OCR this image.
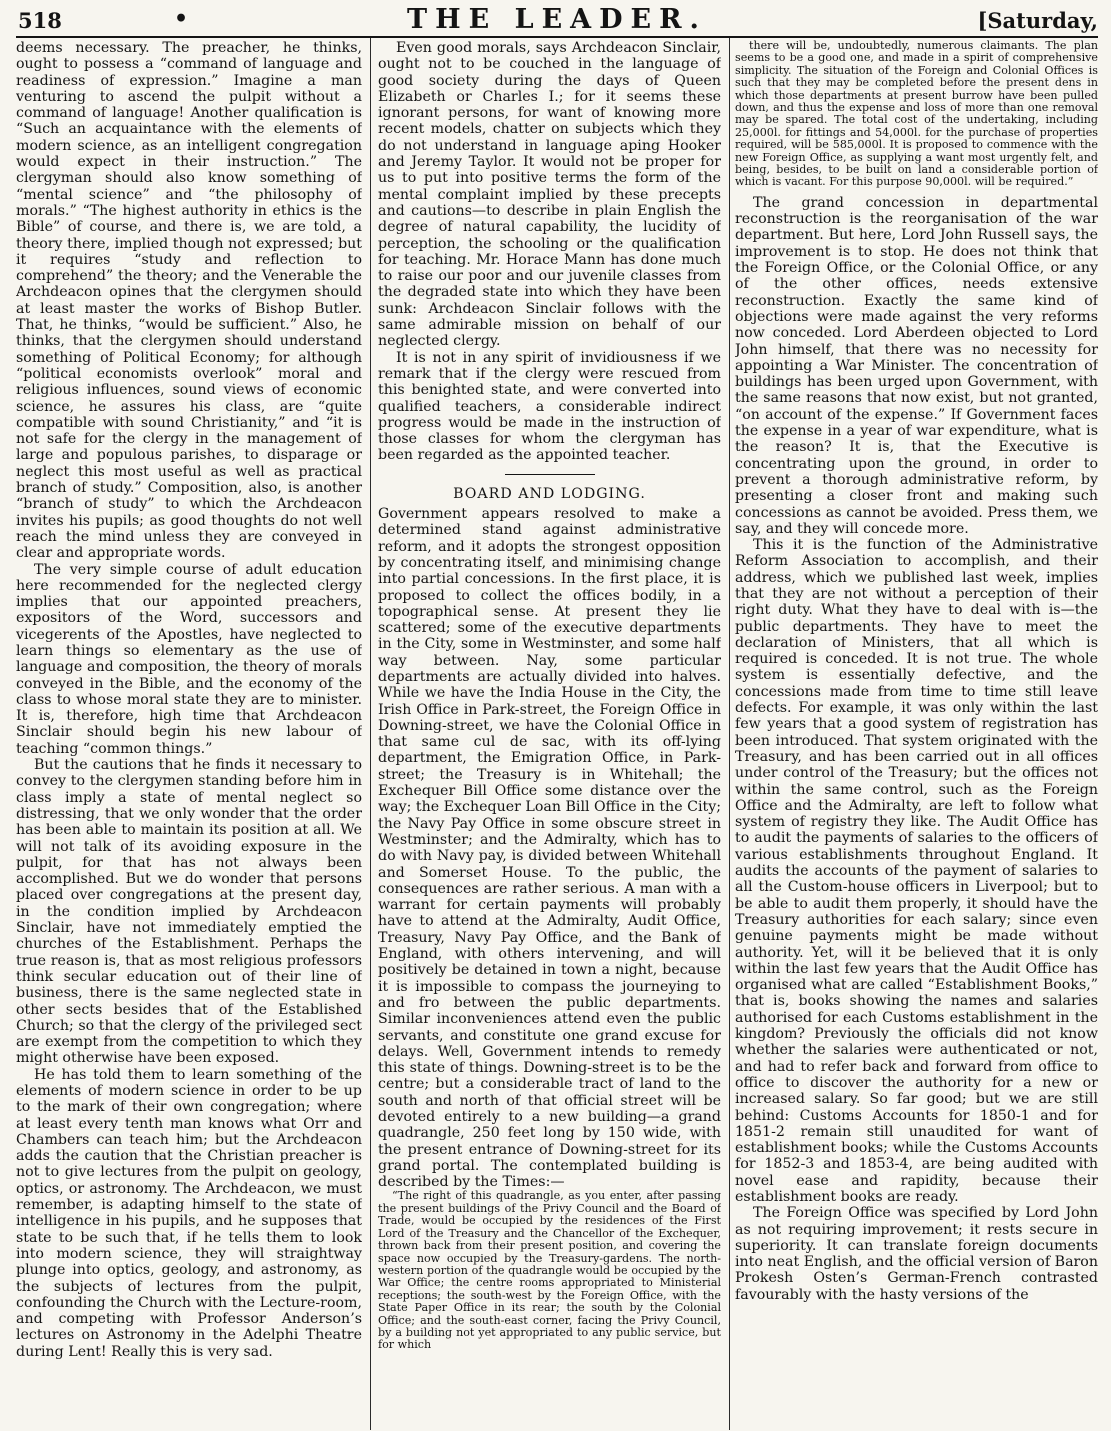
518	•	THE LEADER.	[Saturday,

deems necessary. The preacher, he thinks, ought to possess a “command of language and readiness of expression.” Imagine a man venturing to ascend the pulpit without a command of language! Another qualification is “Such an acquaintance with the elements of modern science, as an intelligent congregation would expect in their instruction.” The clergyman should also know something of “mental science” and “the philosophy of morals.” “The highest authority in ethics is the Bible” of course, and there is, we are told, a theory there, implied though not expressed; but it requires “study and reflection to comprehend” the theory; and the Venerable the Archdeacon opines that the clergymen should at least master the works of Bishop Butler. That, he thinks, “would be sufficient.” Also, he thinks, that the clergymen should understand something of Political Economy; for although “political economists overlook” moral and religious influences, sound views of economic science, he assures his class, are “quite compatible with sound Christianity,” and “it is not safe for the clergy in the management of large and populous parishes, to disparage or neglect this most useful as well as practical branch of study.” Composition, also, is another “branch of study” to which the Archdeacon invites his pupils; as good thoughts do not well reach the mind unless they are conveyed in clear and appropriate words.

The very simple course of adult education here recommended for the neglected clergy implies that our appointed preachers, expositors of the Word, successors and vicegerents of the Apostles, have neglected to learn things so elementary as the use of language and composition, the theory of morals conveyed in the Bible, and the economy of the class to whose moral state they are to minister. It is, therefore, high time that Archdeacon Sinclair should begin his new labour of teaching “common things.”

But the cautions that he finds it necessary to convey to the clergymen standing before him in class imply a state of mental neglect so distressing, that we only wonder that the order has been able to maintain its position at all. We will not talk of its avoiding exposure in the pulpit, for that has not always been accomplished. But we do wonder that persons placed over congregations at the present day, in the condition implied by Archdeacon Sinclair, have not immediately emptied the churches of the Establishment. Perhaps the true reason is, that as most religious professors think secular education out of their line of business, there is the same neglected state in other sects besides that of the Established Church; so that the clergy of the privileged sect are exempt from the competition to which they might otherwise have been exposed.

He has told them to learn something of the elements of modern science in order to be up to the mark of their own congregation; where at least every tenth man knows what Orr and Chambers can teach him; but the Archdeacon adds the caution that the Christian preacher is not to give lectures from the pulpit on geology, optics, or astronomy. The Archdeacon, we must remember, is adapting himself to the state of intelligence in his pupils, and he supposes that state to be such that, if he tells them to look into modern science, they will straightway plunge into optics, geology, and astronomy, as the subjects of lectures from the pulpit, confounding the Church with the Lecture-room, and competing with Professor Anderson’s lectures on Astronomy in the Adelphi Theatre during Lent! Really this is very sad.

Even good morals, says Archdeacon Sinclair, ought not to be couched in the language of good society during the days of Queen Elizabeth or Charles I.; for it seems these ignorant persons, for want of knowing more recent models, chatter on subjects which they do not understand in language aping Hooker and Jeremy Taylor. It would not be proper for us to put into positive terms the form of the mental complaint implied by these precepts and cautions—to describe in plain English the degree of natural capability, the lucidity of perception, the schooling or the qualification for teaching. Mr. Horace Mann has done much to raise our poor and our juvenile classes from the degraded state into which they have been sunk: Archdeacon Sinclair follows with the same admirable mission on behalf of our neglected clergy.

It is not in any spirit of invidiousness if we remark that if the clergy were rescued from this benighted state, and were converted into qualified teachers, a considerable indirect progress would be made in the instruction of those classes for whom the clergyman has been regarded as the appointed teacher.

BOARD AND LODGING.

Government appears resolved to make a determined stand against administrative reform, and it adopts the strongest opposition by concentrating itself, and minimising change into partial concessions. In the first place, it is proposed to collect the offices bodily, in a topographical sense. At present they lie scattered; some of the executive departments in the City, some in Westminster, and some half way between. Nay, some particular departments are actually divided into halves. While we have the India House in the City, the Irish Office in Park-street, the Foreign Office in Downing-street, we have the Colonial Office in that same cul de sac, with its off-lying department, the Emigration Office, in Park-street; the Treasury is in Whitehall; the Exchequer Bill Office some distance over the way; the Exchequer Loan Bill Office in the City; the Navy Pay Office in some obscure street in Westminster; and the Admiralty, which has to do with Navy pay, is divided between Whitehall and Somerset House. To the public, the consequences are rather serious. A man with a warrant for certain payments will probably have to attend at the Admiralty, Audit Office, Treasury, Navy Pay Office, and the Bank of England, with others intervening, and will positively be detained in town a night, because it is impossible to compass the journeying to and fro between the public departments. Similar inconveniences attend even the public servants, and constitute one grand excuse for delays. Well, Government intends to remedy this state of things. Downing-street is to be the centre; but a considerable tract of land to the south and north of that official street will be devoted entirely to a new building—a grand quadrangle, 250 feet long by 150 wide, with the present entrance of Downing-street for its grand portal. The contemplated building is described by the Times:—

“The right of this quadrangle, as you enter, after passing the present buildings of the Privy Council and the Board of Trade, would be occupied by the residences of the First Lord of the Treasury and the Chancellor of the Exchequer, thrown back from their present position, and covering the space now occupied by the Treasury-gardens. The north-western portion of the quadrangle would be occupied by the War Office; the centre rooms appropriated to Ministerial receptions; the south-west by the Foreign Office, with the State Paper Office in its rear; the south by the Colonial Office; and the south-east corner, facing the Privy Council, by a building not yet appropriated to any public service, but for which

there will be, undoubtedly, numerous claimants. The plan seems to be a good one, and made in a spirit of comprehensive simplicity. The situation of the Foreign and Colonial Offices is such that they may be completed before the present dens in which those departments at present burrow have been pulled down, and thus the expense and loss of more than one removal may be spared. The total cost of the undertaking, including 25,000l. for fittings and 54,000l. for the purchase of properties required, will be 585,000l. It is proposed to commence with the new Foreign Office, as supplying a want most urgently felt, and being, besides, to be built on land a considerable portion of which is vacant. For this purpose 90,000l. will be required.”

The grand concession in departmental reconstruction is the reorganisation of the war department. But here, Lord John Russell says, the improvement is to stop. He does not think that the Foreign Office, or the Colonial Office, or any of the other offices, needs extensive reconstruction. Exactly the same kind of objections were made against the very reforms now conceded. Lord Aberdeen objected to Lord John himself, that there was no necessity for appointing a War Minister. The concentration of buildings has been urged upon Government, with the same reasons that now exist, but not granted, “on account of the expense.” If Government faces the expense in a year of war expenditure, what is the reason? It is, that the Executive is concentrating upon the ground, in order to prevent a thorough administrative reform, by presenting a closer front and making such concessions as cannot be avoided. Press them, we say, and they will concede more.

This it is the function of the Administrative Reform Association to accomplish, and their address, which we published last week, implies that they are not without a perception of their right duty. What they have to deal with is—the public departments. They have to meet the declaration of Ministers, that all which is required is conceded. It is not true. The whole system is essentially defective, and the concessions made from time to time still leave defects. For example, it was only within the last few years that a good system of registration has been introduced. That system originated with the Treasury, and has been carried out in all offices under control of the Treasury; but the offices not within the same control, such as the Foreign Office and the Admiralty, are left to follow what system of registry they like. The Audit Office has to audit the payments of salaries to the officers of various establishments throughout England. It audits the accounts of the payment of salaries to all the Custom-house officers in Liverpool; but to be able to audit them properly, it should have the Treasury authorities for each salary; since even genuine payments might be made without authority. Yet, will it be believed that it is only within the last few years that the Audit Office has organised what are called “Establishment Books,” that is, books showing the names and salaries authorised for each Customs establishment in the kingdom? Previously the officials did not know whether the salaries were authenticated or not, and had to refer back and forward from office to office to discover the authority for a new or increased salary. So far good; but we are still behind: Customs Accounts for 1850-1 and for 1851-2 remain still unaudited for want of establishment books; while the Customs Accounts for 1852-3 and 1853-4, are being audited with novel ease and rapidity, because their establishment books are ready.

The Foreign Office was specified by Lord John as not requiring improvement; it rests secure in superiority. It can translate foreign documents into neat English, and the official version of Baron Prokesh Osten’s German-French contrasted favourably with the hasty versions of the
